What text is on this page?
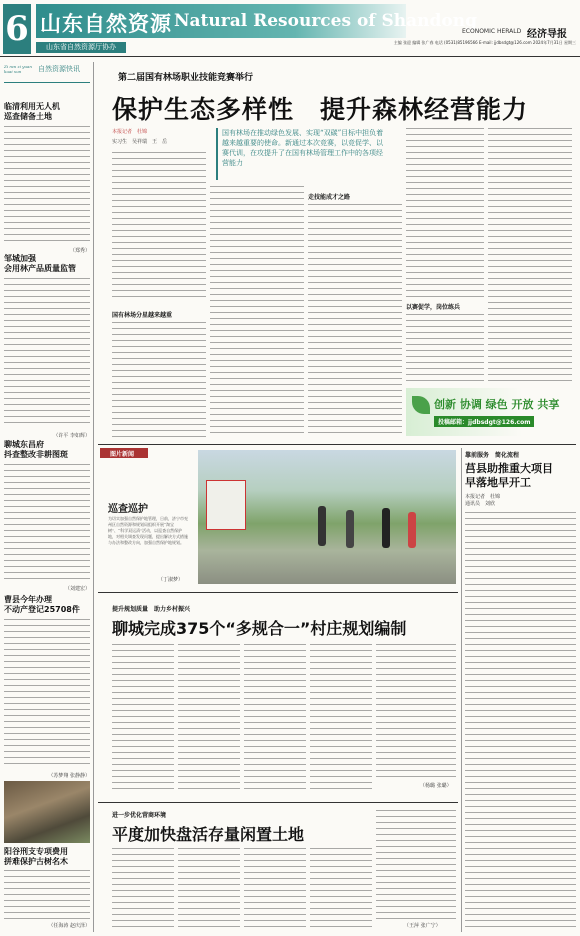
6 山东自然资源 Natural Resources of Shandong
山东省自然资源厅协办
ECONOMIC HERALD 经济导报
主编 张迎 编辑 张广春 电话 (0531)85196566 E-mail: jjdbsdgt@126.com 2024年7月31日 星期三
自然资源快讯
Zi ran zi yuan kuai xun
临清利用无人机
巡查储备土地
（郑秀）
邹城加强
会用林产品质量监管
（许平 李如辉）
聊城东昌府
抖查整改非耕图斑
（刘建宏）
曹县今年办理
不动产登记25708件
（苏梦翔 张静静）
阳谷刑支专项费用
拼难保护古树名木
（任海涛 赵庆泽）
第二届国有林场职业技能竞赛举行
保护生态多样性　提升森林经营能力
本报记者　杜锦
实习生　吴祥瑞　王　岳
国有林场在推动绿色发展、实现“双碳”目标中担负着越来越重要的使命。新通过本次竞赛，以竞促学、以赛代训，在攻提升了在国有林场管理工作中的各项经营能力
国有林场分星越来越重
走技能成才之路
以赛促学，岗位练兵
创新 协调 绿色 开放 共享
投稿邮箱：jjdbsdgt@126.com
图片新闻
巡查巡护
为切实加强自然保护地管理，日前，济宁市兖州区自然资源和规划局组织开展“淘宝树”、“科学双运清”活动，以巡查自然保护地，对相关调查发现问题，提出解决方式措施与办法和整改方向，加强自然保护地规划。
（丁淑梦）
靠前服务　简化流程
莒县助推重大项目
早落地早开工
本报记者　杜锦
通讯员　刘欣
提升规划质量　助力乡村振兴
聊城完成375个“多规合一”村庄规划编制
（杨璐 张璐）
进一步优化营商环境
平度加快盘活存量闲置土地
（王萍 张广宁）
